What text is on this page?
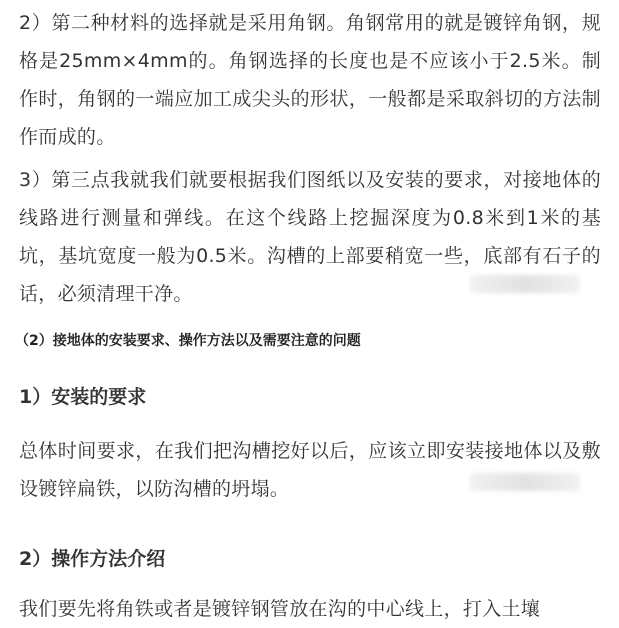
2）第二种材料的选择就是采用角钢。角钢常用的就是镀锌角钢，规格是25mm×4mm的。角钢选择的长度也是不应该小于2.5米。制作时，角钢的一端应加工成尖头的形状，一般都是采取斜切的方法制作而成的。

3）第三点我就我们就要根据我们图纸以及安装的要求，对接地体的线路进行测量和弹线。在这个线路上挖掘深度为0.8米到1米的基坑，基坑宽度一般为0.5米。沟槽的上部要稍宽一些，底部有石子的话，必须清理干净。

（2）接地体的安装要求、操作方法以及需要注意的问题

1）安装的要求

总体时间要求，在我们把沟槽挖好以后，应该立即安装接地体以及敷设镀锌扁铁，以防沟槽的坍塌。

2）操作方法介绍

我们要先将角铁或者是镀锌钢管放在沟的中心线上，打入土壤
